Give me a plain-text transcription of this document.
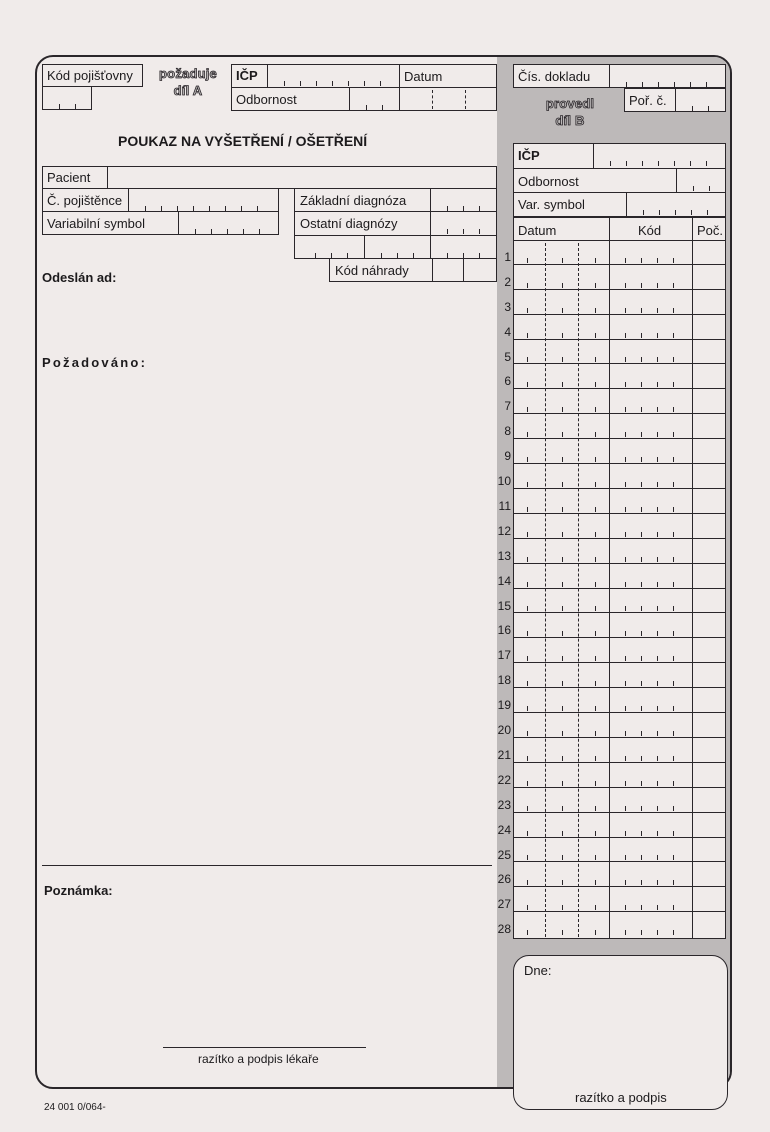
Kód pojišťovny	požaduje
díl A
IČP	Datum
Odbornost
POUKAZ NA VYŠETŘENÍ / OŠETŘENÍ
Pacient
Č. pojištěnce
Variabilní symbol
Základní diagnóza
Ostatní diagnózy
Kód náhrady
Odeslán ad:
Požadováno:
Poznámka:
razítko a podpis lékaře
24 001 0/064-
Čís. dokladu
provedl
díl B
Poř. č.
IČP
Odbornost
Var. symbol
Datum	Kód	Poč.
1
2
3
4
5
6
7
8
9
10
11
12
13
14
15
16
17
18
19
20
21
22
23
24
25
26
27
28
Dne:
razítko a podpis
